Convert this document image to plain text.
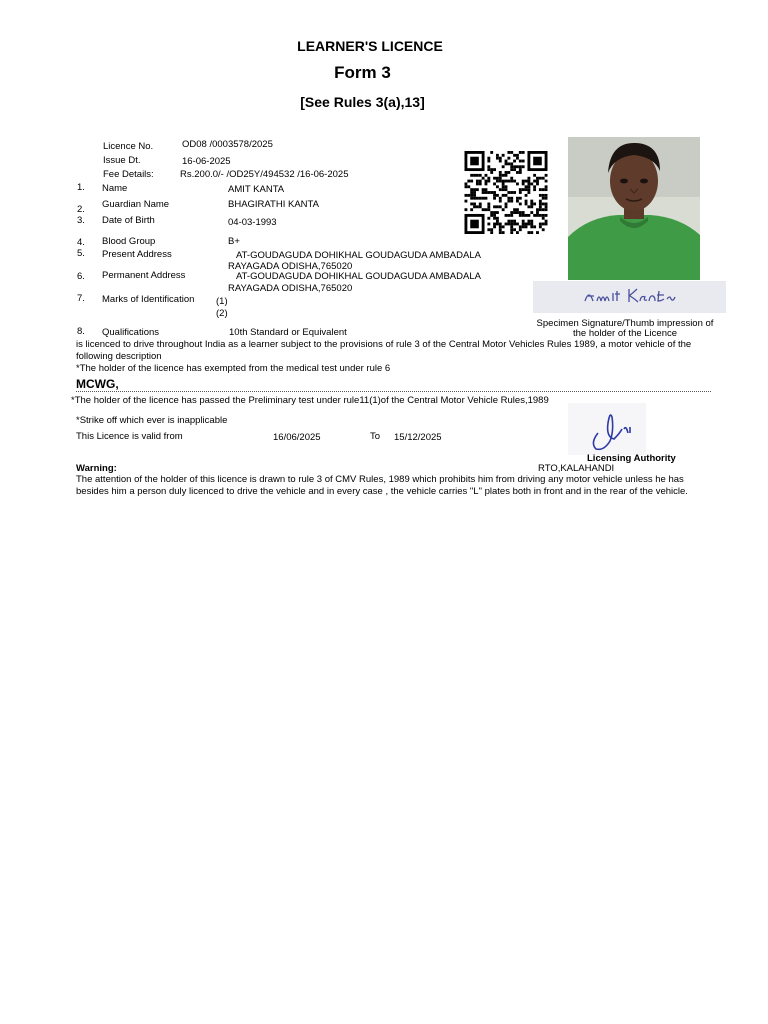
LEARNER'S LICENCE
Form 3
[See Rules 3(a),13]
Licence No.	OD08 /0003578/2025
Issue Dt.	16-06-2025
Fee Details:	Rs.200.0/- /OD25Y/494532 /16-06-2025
1. Name	AMIT KANTA
2. Guardian Name	BHAGIRATHI KANTA
3. Date of Birth	04-03-1993
4. Blood Group	B+
5. Present Address	AT-GOUDAGUDA DOHIKHAL GOUDAGUDA AMBADALA
RAYAGADA ODISHA,765020
6. Permanent Address	AT-GOUDAGUDA DOHIKHAL GOUDAGUDA AMBADALA
RAYAGADA ODISHA,765020
7. Marks of Identification (1)
(2)
8. Qualifications	10th Standard or Equivalent
Specimen Signature/Thumb impression of
the holder of the Licence
is licenced to drive throughout India as a learner subject to the provisions of rule 3 of the Central Motor Vehicles Rules 1989, a motor vehicle of the following description
*The holder of the licence has exempted from the medical test under rule 6
MCWG,
*The holder of the licence has passed the Preliminary test under rule11(1)of the Central Motor Vehicle Rules,1989
*Strike off which ever is inapplicable
This Licence is valid from	16/06/2025	To 15/12/2025
Licensing Authority
RTO,KALAHANDI
Warning:
The attention of the holder of this licence is drawn to rule 3 of CMV Rules, 1989 which prohibits him from driving any motor vehicle unless he has besides him a person duly licenced to drive the vehicle and in every case , the vehicle carries "L" plates both in front and in the rear of the vehicle.
